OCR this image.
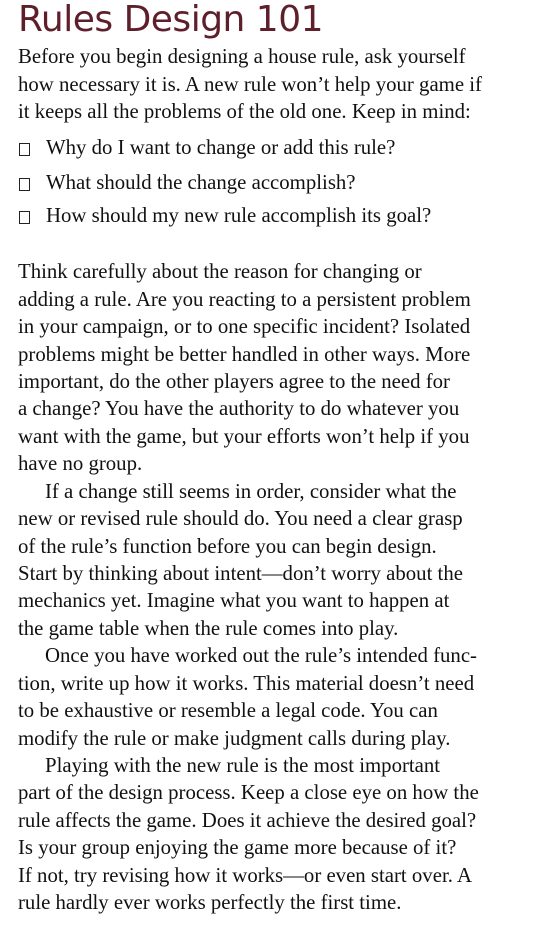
Rules Design 101
Before you begin designing a house rule, ask yourself
how necessary it is. A new rule won’t help your game if
it keeps all the problems of the old one. Keep in mind:
Why do I want to change or add this rule?
What should the change accomplish?
How should my new rule accomplish its goal?
Think carefully about the reason for changing or
adding a rule. Are you reacting to a persistent problem
in your campaign, or to one specific incident? Isolated
problems might be better handled in other ways. More
important, do the other players agree to the need for
a change? You have the authority to do whatever you
want with the game, but your efforts won’t help if you
have no group.
If a change still seems in order, consider what the
new or revised rule should do. You need a clear grasp
of the rule’s function before you can begin design.
Start by thinking about intent—don’t worry about the
mechanics yet. Imagine what you want to happen at
the game table when the rule comes into play.
Once you have worked out the rule’s intended func-
tion, write up how it works. This material doesn’t need
to be exhaustive or resemble a legal code. You can
modify the rule or make judgment calls during play.
Playing with the new rule is the most important
part of the design process. Keep a close eye on how the
rule affects the game. Does it achieve the desired goal?
Is your group enjoying the game more because of it?
If not, try revising how it works—or even start over. A
rule hardly ever works perfectly the first time.
